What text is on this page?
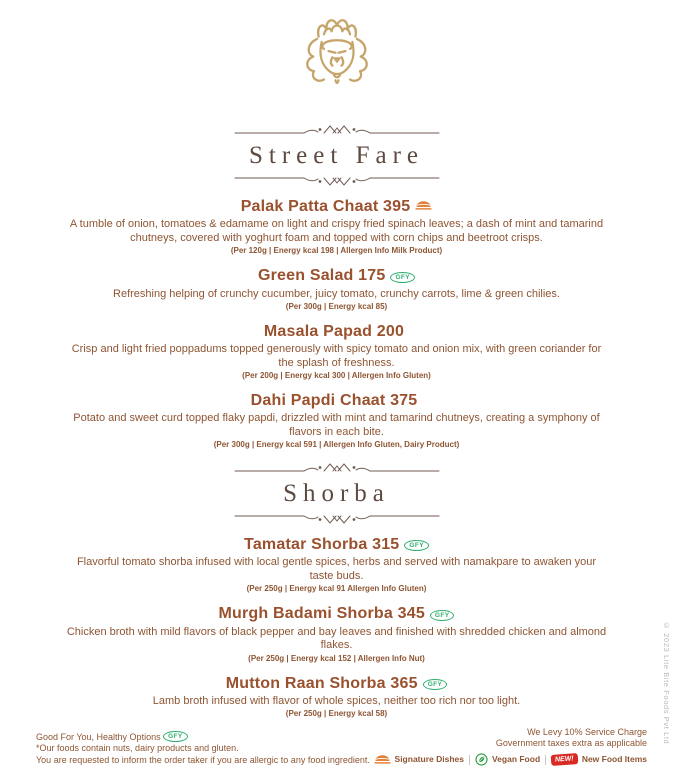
© 2023 Lite Bite Foods Pvt Ltd
Street Fare
Palak Patta Chaat 395

A tumble of onion, tomatoes & edamame on light and crispy fried spinach leaves; a dash of mint and tamarind chutneys, covered with yoghurt foam and topped with corn chips and beetroot crisps.

(Per 120g | Energy kcal 198 | Allergen Info Milk Product)

Green Salad 175 GFY

Refreshing helping of crunchy cucumber, juicy tomato, crunchy carrots, lime & green chilies.

(Per 300g | Energy kcal 85)

Masala Papad 200

Crisp and light fried poppadums topped generously with spicy tomato and onion mix, with green coriander for the splash of freshness.

(Per 200g | Energy kcal 300 | Allergen Info Gluten)

Dahi Papdi Chaat 375

Potato and sweet curd topped flaky papdi, drizzled with mint and tamarind chutneys, creating a symphony of flavors in each bite.

(Per 300g | Energy kcal 591 | Allergen Info Gluten, Dairy Product)

Shorba
Tamatar Shorba 315 GFY

Flavorful tomato shorba infused with local gentle spices, herbs and served with namakpare to awaken your taste buds.

(Per 250g | Energy kcal 91 Allergen Info Gluten)

Murgh Badami Shorba 345 GFY

Chicken broth with mild flavors of black pepper and bay leaves and finished with shredded chicken and almond flakes.

(Per 250g | Energy kcal 152 | Allergen Info Nut)

Mutton Raan Shorba 365 GFY

Lamb broth infused with flavor of whole spices, neither too rich nor too light.

(Per 250g | Energy kcal 58)

Good For You, Healthy Options GFY
*Our foods contain nuts, dairy products and gluten.
You are requested to inform the order taker if you are allergic to any food ingredient.
We Levy 10% Service Charge
Government taxes extra as applicable
Signature Dishes	Vegan Food	NEW! New Food Items
